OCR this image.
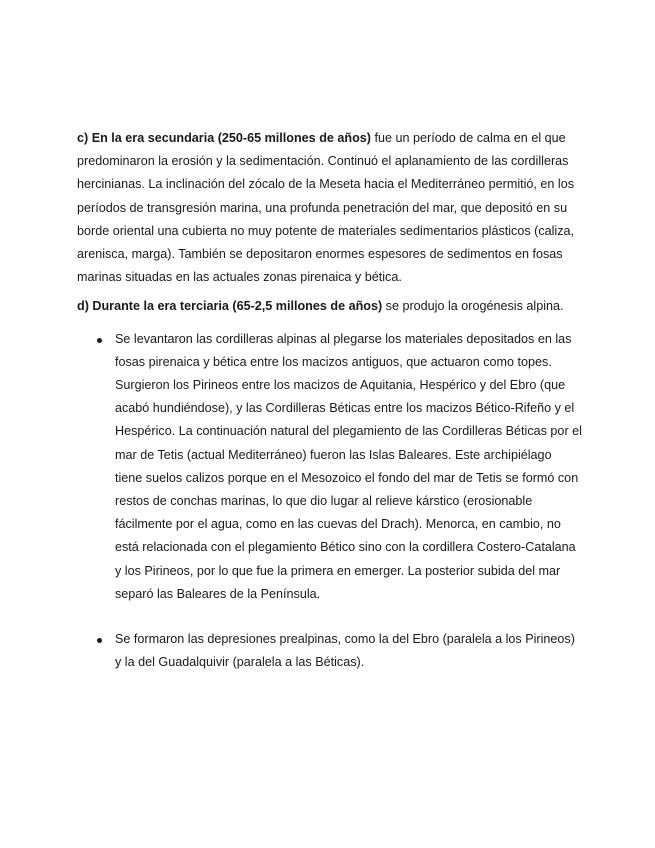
c) En la era secundaria (250-65 millones de años) fue un período de calma en el que predominaron la erosión y la sedimentación. Continuó el aplanamiento de las cordilleras hercinianas. La inclinación del zócalo de la Meseta hacia el Mediterráneo permitió, en los períodos de transgresión marina, una profunda penetración del mar, que depositó en su borde oriental una cubierta no muy potente de materiales sedimentarios plásticos (caliza, arenisca, marga). También se depositaron enormes espesores de sedimentos en fosas marinas situadas en las actuales zonas pirenaica y bética.

d) Durante la era terciaria (65-2,5 millones de años) se produjo la orogénesis alpina.

Se levantaron las cordilleras alpinas al plegarse los materiales depositados en las fosas pirenaica y bética entre los macizos antiguos, que actuaron como topes. Surgieron los Pirineos entre los macizos de Aquitania, Hespérico y del Ebro (que acabó hundiéndose), y las Cordilleras Béticas entre los macizos Bético-Rifeño y el Hespérico. La continuación natural del plegamiento de las Cordilleras Béticas por el mar de Tetis (actual Mediterráneo) fueron las Islas Baleares. Este archipiélago tiene suelos calizos porque en el Mesozoico el fondo del mar de Tetis se formó con restos de conchas marinas, lo que dio lugar al relieve kárstico (erosionable fácilmente por el agua, como en las cuevas del Drach). Menorca, en cambio, no está relacionada con el plegamiento Bético sino con la cordillera Costero-Catalana y los Pirineos, por lo que fue la primera en emerger. La posterior subida del mar separó las Baleares de la Península.
Se formaron las depresiones prealpinas, como la del Ebro (paralela a los Pirineos) y la del Guadalquivir (paralela a las Béticas).
